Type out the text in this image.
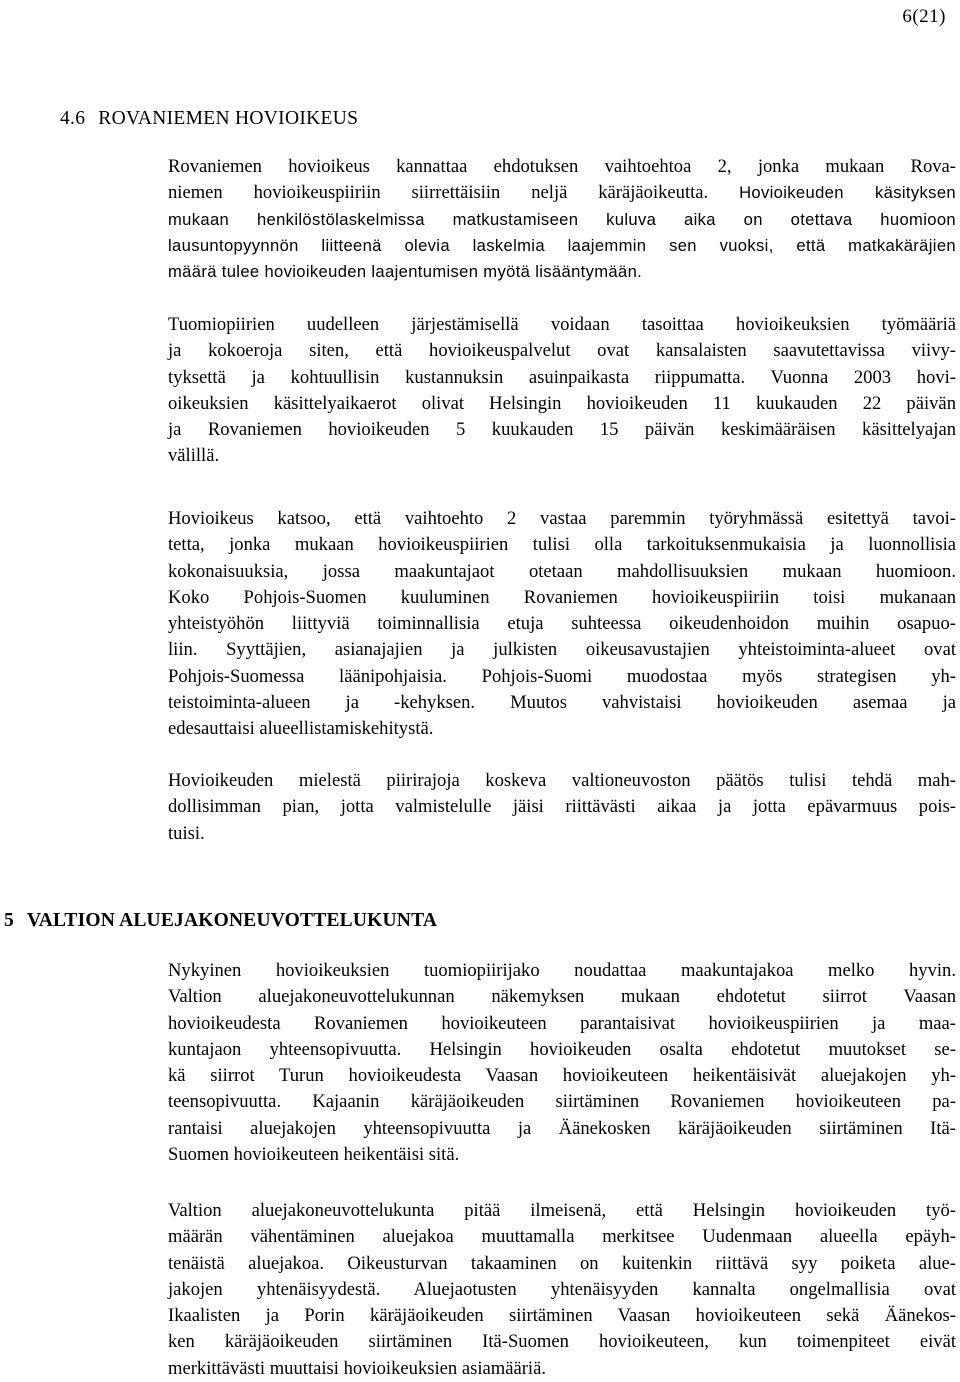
6(21)
4.6 ROVANIEMEN HOVIOIKEUS
Rovaniemen hovioikeus kannattaa ehdotuksen vaihtoehtoa 2, jonka mukaan Rova-
niemen hovioikeuspiiriin siirrettäisiin neljä käräjäoikeutta. Hovioikeuden käsityksen
mukaan henkilöstölaskelmissa matkustamiseen kuluva aika on otettava huomioon
lausuntopyynnön liitteenä olevia laskelmia laajemmin sen vuoksi, että matkakäräjien
määrä tulee hovioikeuden laajentumisen myötä lisääntymään.
Tuomiopiirien uudelleen järjestämisellä voidaan tasoittaa hovioikeuksien työmääriä
ja kokoeroja siten, että hovioikeuspalvelut ovat kansalaisten saavutettavissa viivy-
tyksettä ja kohtuullisin kustannuksin asuinpaikasta riippumatta. Vuonna 2003 hovi-
oikeuksien käsittelyaikaerot olivat Helsingin hovioikeuden 11 kuukauden 22 päivän
ja Rovaniemen hovioikeuden 5 kuukauden 15 päivän keskimääräisen käsittelyajan
välillä.
Hovioikeus katsoo, että vaihtoehto 2 vastaa paremmin työryhmässä esitettyä tavoi-
tetta, jonka mukaan hovioikeuspiirien tulisi olla tarkoituksenmukaisia ja luonnollisia
kokonaisuuksia, jossa maakuntajaot otetaan mahdollisuuksien mukaan huomioon.
Koko Pohjois-Suomen kuuluminen Rovaniemen hovioikeuspiiriin toisi mukanaan
yhteistyöhön liittyviä toiminnallisia etuja suhteessa oikeudenhoidon muihin osapuo-
liin. Syyttäjien, asianajajien ja julkisten oikeusavustajien yhteistoiminta-alueet ovat
Pohjois-Suomessa läänipohjaisia. Pohjois-Suomi muodostaa myös strategisen yh-
teistoiminta-alueen ja -kehyksen. Muutos vahvistaisi hovioikeuden asemaa ja
edesauttaisi alueellistamiskehitystä.
Hovioikeuden mielestä piirirajoja koskeva valtioneuvoston päätös tulisi tehdä mah-
dollisimman pian, jotta valmistelulle jäisi riittävästi aikaa ja jotta epävarmuus pois-
tuisi.
5 VALTION ALUEJAKONEUVOTTELUKUNTA
Nykyinen hovioikeuksien tuomiopiirijako noudattaa maakuntajakoa melko hyvin.
Valtion aluejakoneuvottelukunnan näkemyksen mukaan ehdotetut siirrot Vaasan
hovioikeudesta Rovaniemen hovioikeuteen parantaisivat hovioikeuspiirien ja maa-
kuntajaon yhteensopivuutta. Helsingin hovioikeuden osalta ehdotetut muutokset se-
kä siirrot Turun hovioikeudesta Vaasan hovioikeuteen heikentäisivät aluejakojen yh-
teensopivuutta. Kajaanin käräjäoikeuden siirtäminen Rovaniemen hovioikeuteen pa-
rantaisi aluejakojen yhteensopivuutta ja Äänekosken käräjäoikeuden siirtäminen Itä-
Suomen hovioikeuteen heikentäisi sitä.
Valtion aluejakoneuvottelukunta pitää ilmeisenä, että Helsingin hovioikeuden työ-
määrän vähentäminen aluejakoa muuttamalla merkitsee Uudenmaan alueella epäyh-
tenäistä aluejakoa. Oikeusturvan takaaminen on kuitenkin riittävä syy poiketa alue-
jakojen yhtenäisyydestä. Aluejaotusten yhtenäisyyden kannalta ongelmallisia ovat
Ikaalisten ja Porin käräjäoikeuden siirtäminen Vaasan hovioikeuteen sekä Äänekos-
ken käräjäoikeuden siirtäminen Itä-Suomen hovioikeuteen, kun toimenpiteet eivät
merkittävästi muuttaisi hovioikeuksien asiamääriä.
